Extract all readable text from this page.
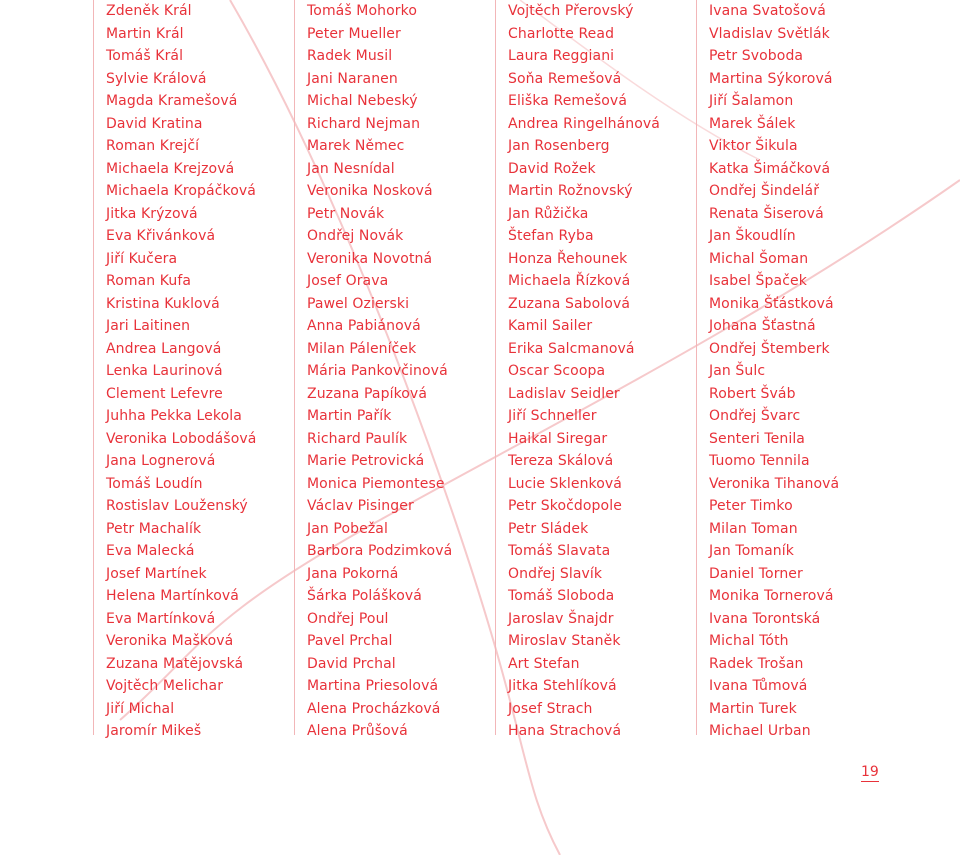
Zdeněk Král
Martin Král
Tomáš Král
Sylvie Králová
Magda Kramešová
David Kratina
Roman Krejčí
Michaela Krejzová
Michaela Kropáčková
Jitka Krýzová
Eva Křivánková
Jiří Kučera
Roman Kufa
Kristina Kuklová
Jari Laitinen
Andrea Langová
Lenka Laurinová
Clement Lefevre
Juhha Pekka Lekola
Veronika Lobodášová
Jana Lognerová
Tomáš Loudín
Rostislav Louženský
Petr Machalík
Eva Malecká
Josef Martínek
Helena Martínková
Eva Martínková
Veronika Mašková
Zuzana Matějovská
Vojtěch Melichar
Jiří Michal
Jaromír Mikeš
Tomáš Mohorko
Peter Mueller
Radek Musil
Jani Naranen
Michal Nebeský
Richard Nejman
Marek Němec
Jan Nesnídal
Veronika Nosková
Petr Novák
Ondřej Novák
Veronika Novotná
Josef Orava
Pawel Ozierski
Anna Pabiánová
Milan Páleníček
Mária Pankovčinová
Zuzana Papíková
Martin Pařík
Richard Paulík
Marie Petrovická
Monica Piemontese
Václav Pisinger
Jan Pobežal
Barbora Podzimková
Jana Pokorná
Šárka Polášková
Ondřej Poul
Pavel Prchal
David Prchal
Martina Priesolová
Alena Procházková
Alena Průšová
Vojtěch Přerovský
Charlotte Read
Laura Reggiani
Soňa Remešová
Eliška Remešová
Andrea Ringelhánová
Jan Rosenberg
David Rožek
Martin Rožnovský
Jan Růžička
Štefan Ryba
Honza Řehounek
Michaela Řízková
Zuzana Sabolová
Kamil Sailer
Erika Salcmanová
Oscar Scoopa
Ladislav Seidler
Jiří Schneller
Haikal Siregar
Tereza Skálová
Lucie Sklenková
Petr Skočdopole
Petr Sládek
Tomáš Slavata
Ondřej Slavík
Tomáš Sloboda
Jaroslav Šnajdr
Miroslav Staněk
Art Stefan
Jitka Stehlíková
Josef Strach
Hana Strachová
Ivana Svatošová
Vladislav Světlák
Petr Svoboda
Martina Sýkorová
Jiří Šalamon
Marek Šálek
Viktor Šikula
Katka Šimáčková
Ondřej Šindelář
Renata Šiserová
Jan Škoudlín
Michal Šoman
Isabel Špaček
Monika Šťástková
Johana Šťastná
Ondřej Štemberk
Jan Šulc
Robert Šváb
Ondřej Švarc
Senteri Tenila
Tuomo Tennila
Veronika Tihanová
Peter Timko
Milan Toman
Jan Tomaník
Daniel Torner
Monika Tornerová
Ivana Torontská
Michal Tóth
Radek Trošan
Ivana Tůmová
Martin Turek
Michael Urban
19
